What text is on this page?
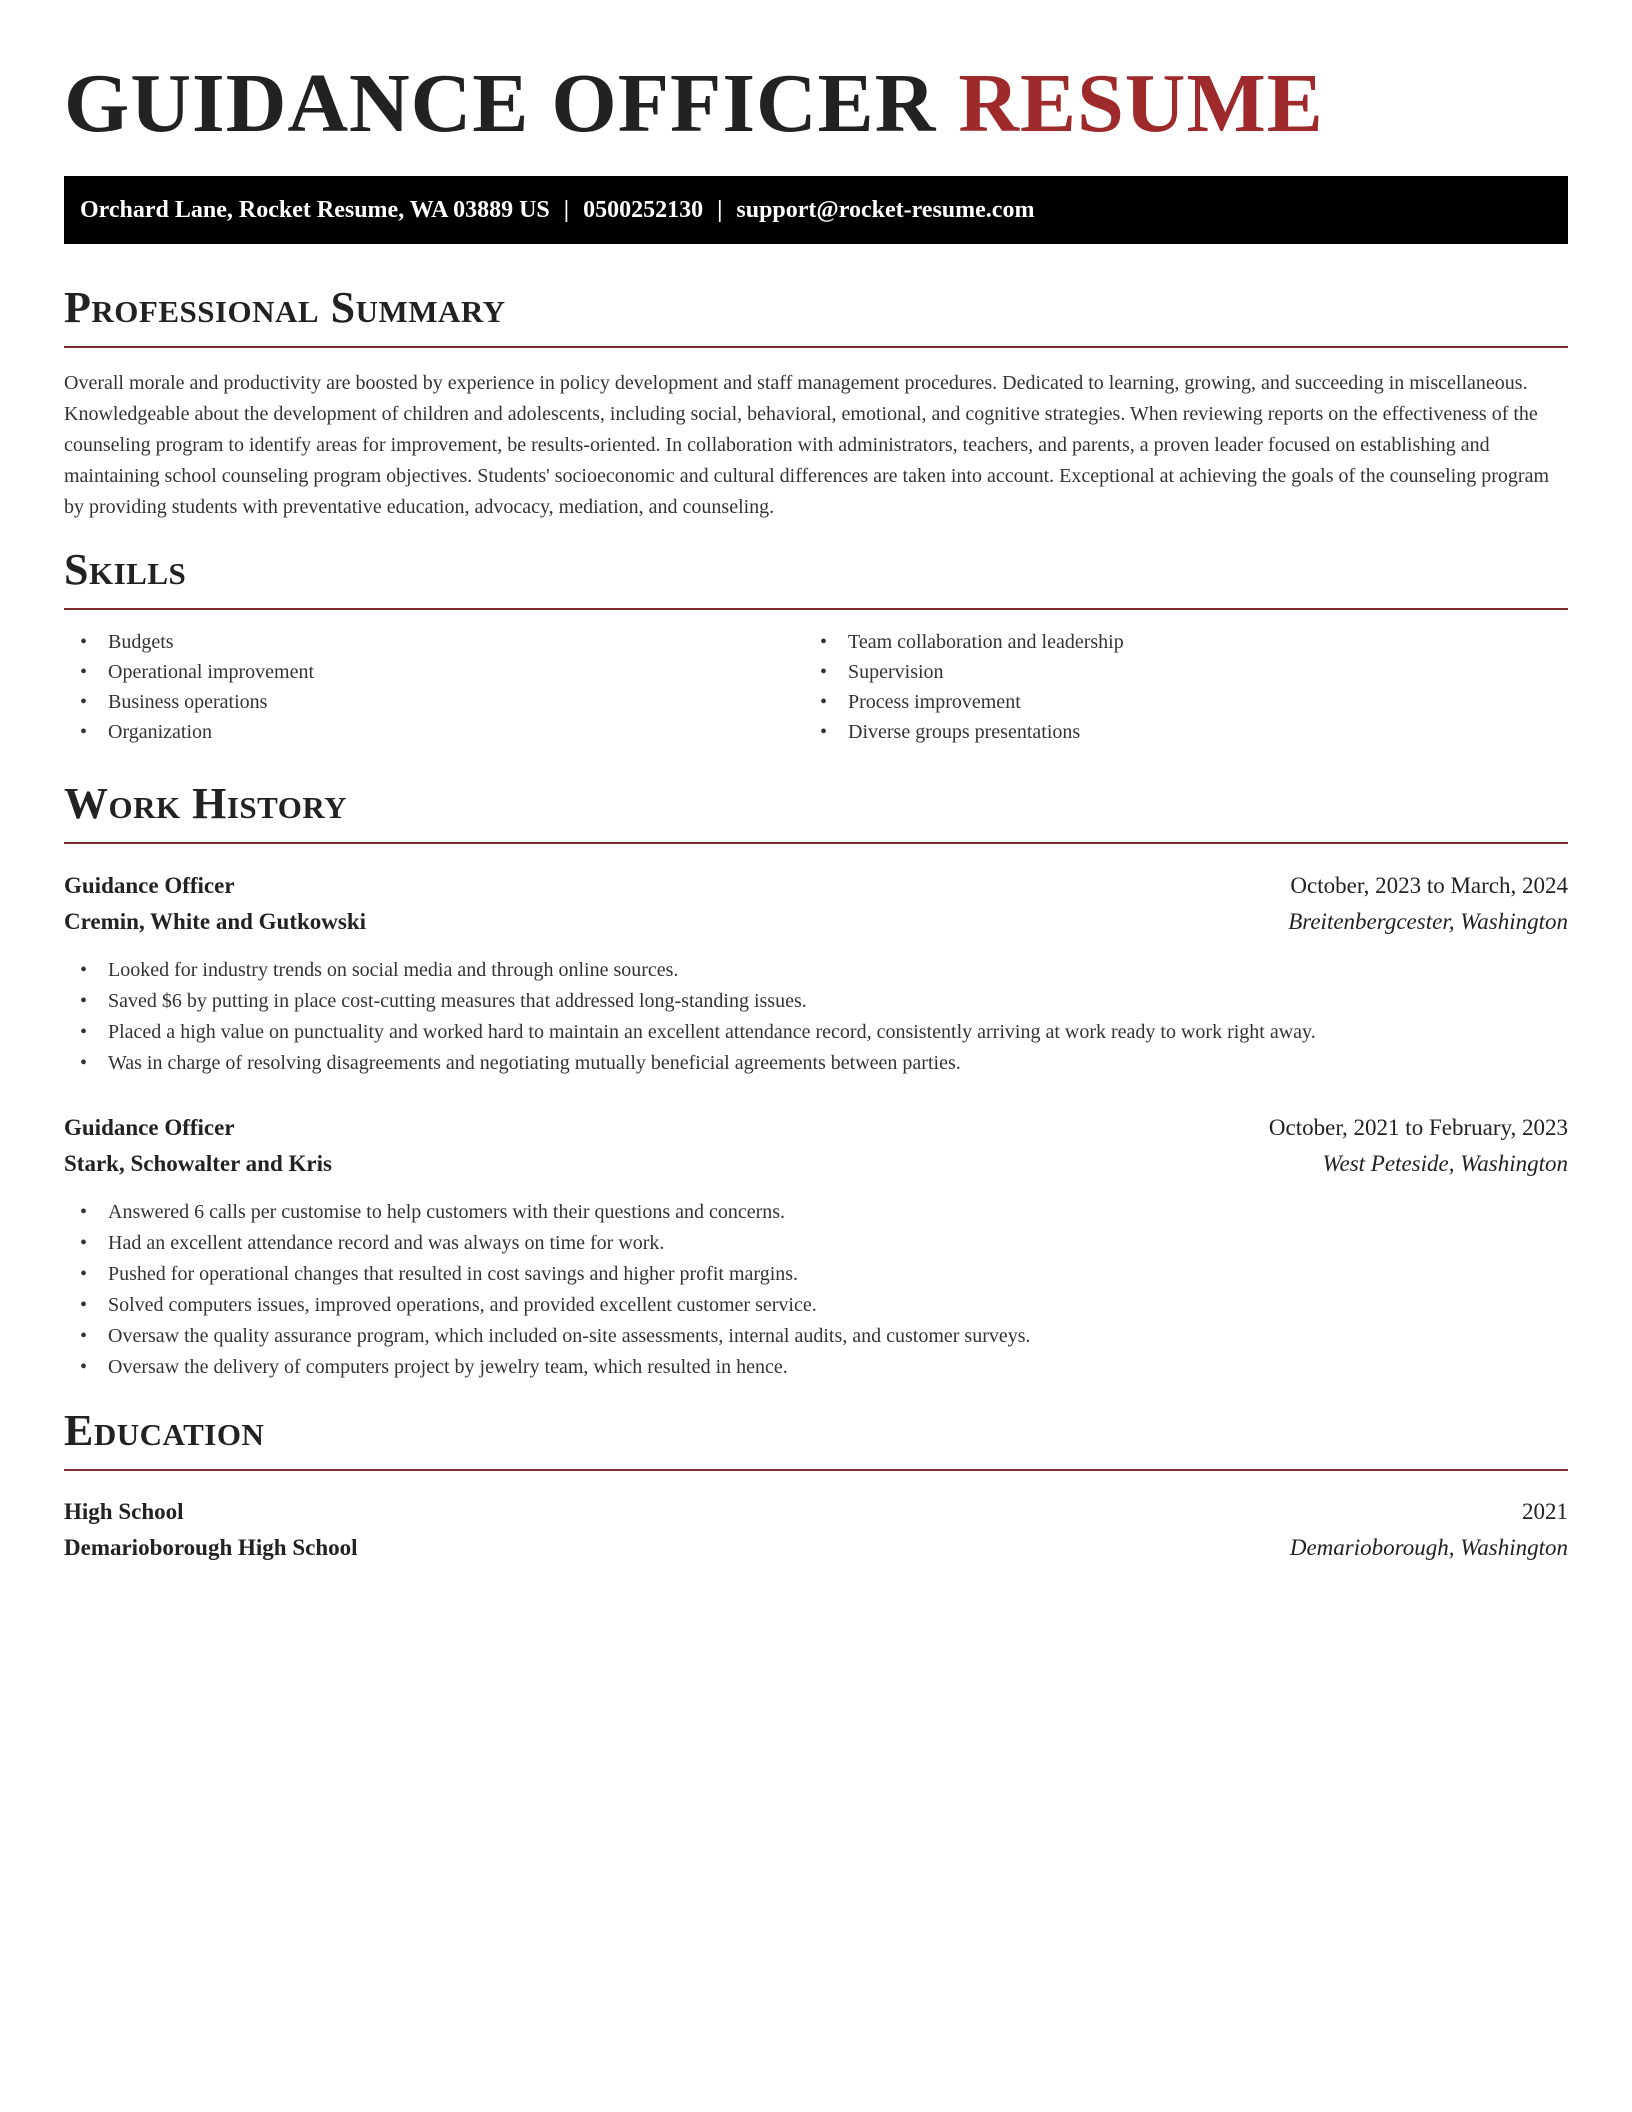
GUIDANCE OFFICER RESUME
Orchard Lane, Rocket Resume, WA 03889 US | 0500252130 | support@rocket-resume.com
Professional Summary

Overall morale and productivity are boosted by experience in policy development and staff management procedures. Dedicated to learning, growing, and succeeding in miscellaneous. Knowledgeable about the development of children and adolescents, including social, behavioral, emotional, and cognitive strategies. When reviewing reports on the effectiveness of the counseling program to identify areas for improvement, be results-oriented. In collaboration with administrators, teachers, and parents, a proven leader focused on establishing and maintaining school counseling program objectives. Students' socioeconomic and cultural differences are taken into account. Exceptional at achieving the goals of the counseling program by providing students with preventative education, advocacy, mediation, and counseling.

Skills
• Budgets
• Operational improvement
• Business operations
• Organization
• Team collaboration and leadership
• Supervision
• Process improvement
• Diverse groups presentations
Work History
Guidance Officer	October, 2023 to March, 2024
Cremin, White and Gutkowski	Breitenbergcester, Washington
• Looked for industry trends on social media and through online sources.
• Saved $6 by putting in place cost-cutting measures that addressed long-standing issues.
• Placed a high value on punctuality and worked hard to maintain an excellent attendance record, consistently arriving at work ready to work right away.
• Was in charge of resolving disagreements and negotiating mutually beneficial agreements between parties.
Guidance Officer	October, 2021 to February, 2023
Stark, Schowalter and Kris	West Peteside, Washington
• Answered 6 calls per customise to help customers with their questions and concerns.
• Had an excellent attendance record and was always on time for work.
• Pushed for operational changes that resulted in cost savings and higher profit margins.
• Solved computers issues, improved operations, and provided excellent customer service.
• Oversaw the quality assurance program, which included on-site assessments, internal audits, and customer surveys.
• Oversaw the delivery of computers project by jewelry team, which resulted in hence.
Education
High School	2021
Demarioborough High School	Demarioborough, Washington
